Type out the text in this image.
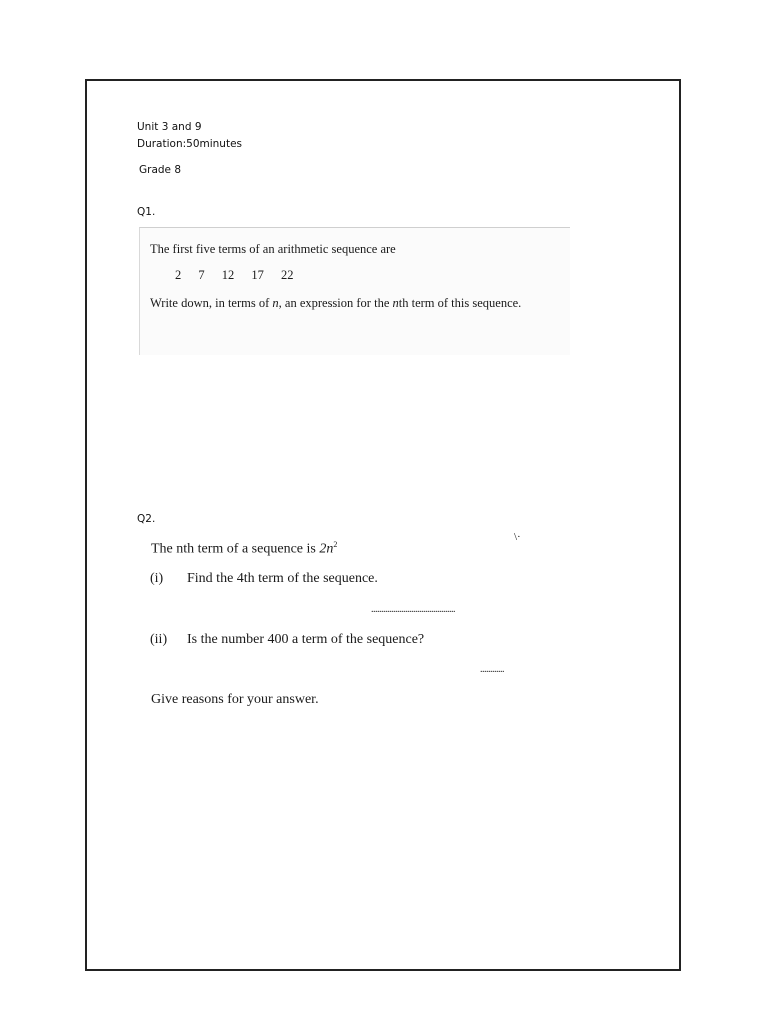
Unit 3 and 9
Duration:50minutes
Grade 8
Q1.
The first five terms of an arithmetic sequence are
2 7 12 17 22
Write down, in terms of n, an expression for the nth term of this sequence.
Q2.
\·
The nth term of a sequence is $2n^2$
(i) Find the 4th term of the sequence.
..........................................
(ii) Is the number 400 a term of the sequence?
............
Give reasons for your answer.
